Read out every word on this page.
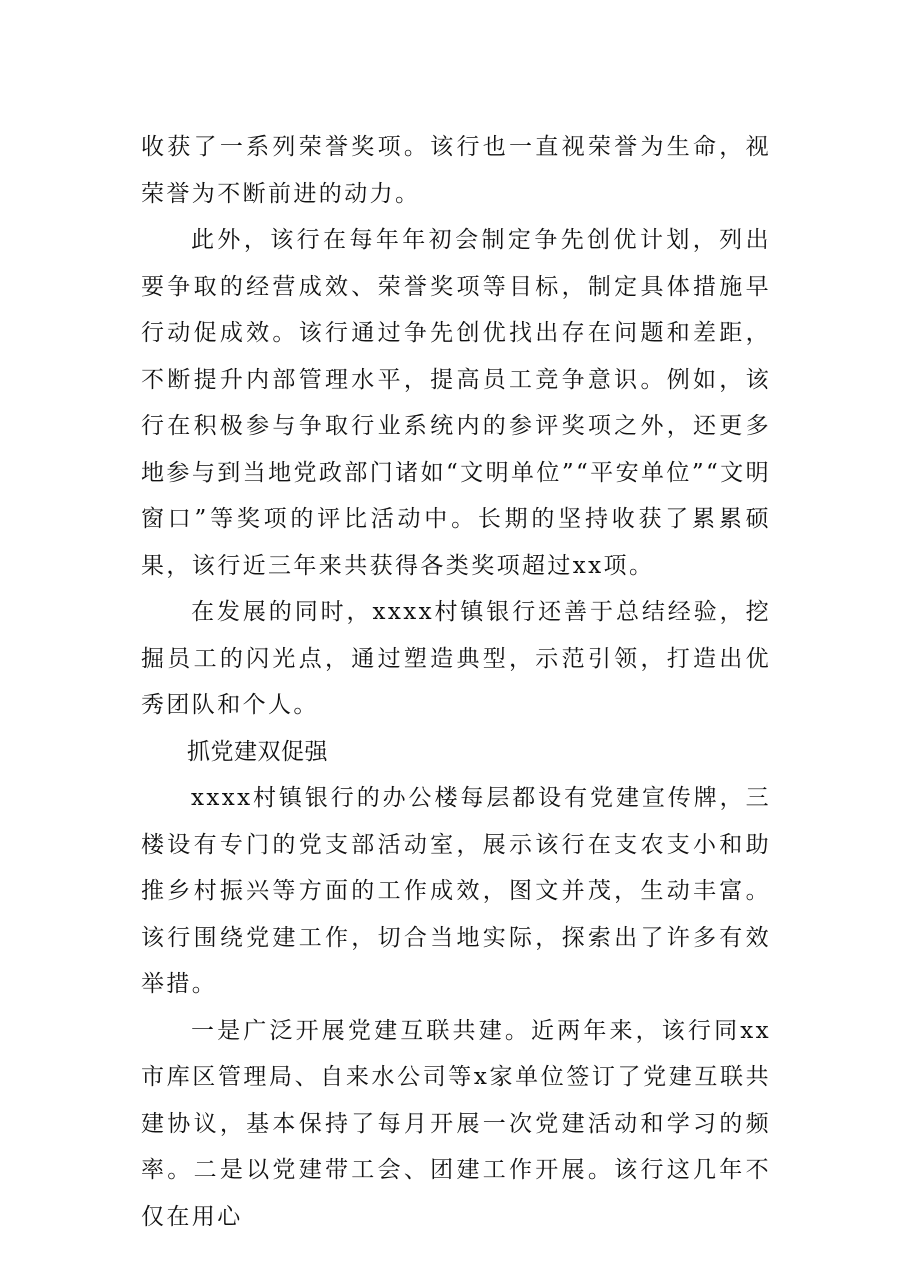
收获了一系列荣誉奖项。该行也一直视荣誉为生命，视荣誉为不断前进的动力。

此外，该行在每年年初会制定争先创优计划，列出要争取的经营成效、荣誉奖项等目标，制定具体措施早行动促成效。该行通过争先创优找出存在问题和差距，不断提升内部管理水平，提高员工竞争意识。例如，该行在积极参与争取行业系统内的参评奖项之外，还更多地参与到当地党政部门诸如“文明单位”“平安单位”“文明窗口”等奖项的评比活动中。长期的坚持收获了累累硕果，该行近三年来共获得各类奖项超过xx项。

在发展的同时，xxxx村镇银行还善于总结经验，挖掘员工的闪光点，通过塑造典型，示范引领，打造出优秀团队和个人。

抓党建双促强

xxxx村镇银行的办公楼每层都设有党建宣传牌，三楼设有专门的党支部活动室，展示该行在支农支小和助推乡村振兴等方面的工作成效，图文并茂，生动丰富。该行围绕党建工作，切合当地实际，探索出了许多有效举措。

一是广泛开展党建互联共建。近两年来，该行同xx市库区管理局、自来水公司等x家单位签订了党建互联共建协议，基本保持了每月开展一次党建活动和学习的频率。二是以党建带工会、团建工作开展。该行这几年不仅在用心
